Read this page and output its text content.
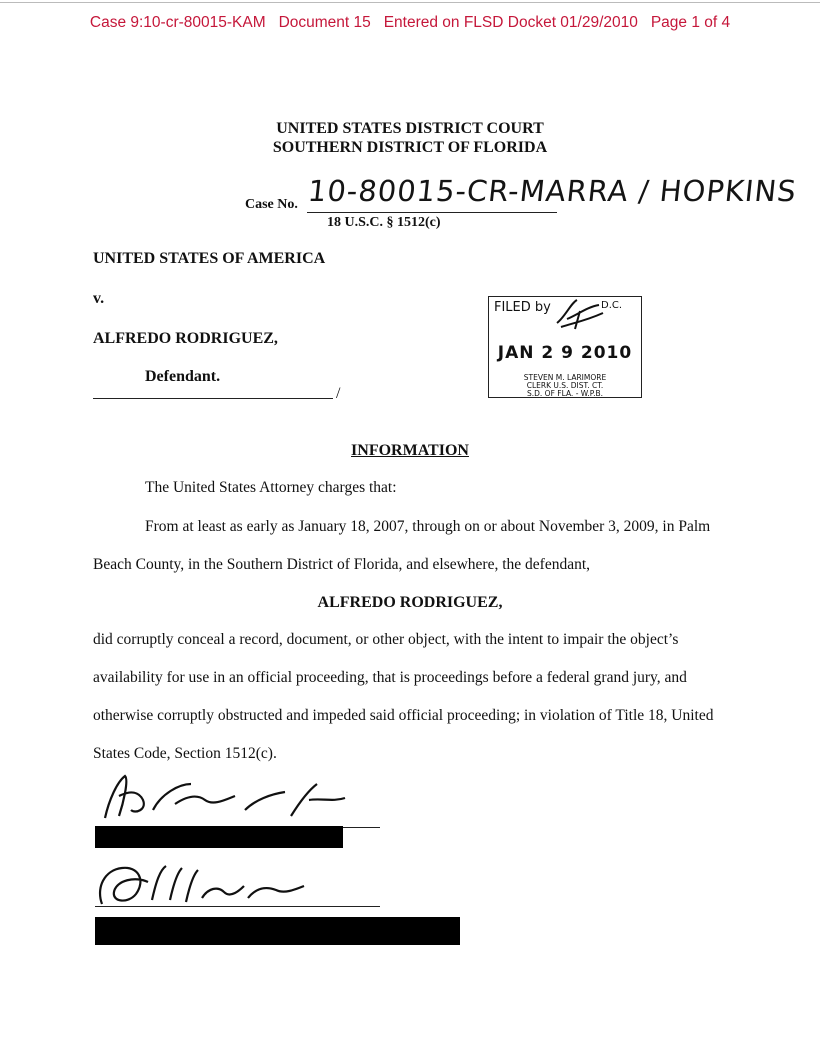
Case 9:10-cr-80015-KAM Document 15 Entered on FLSD Docket 01/29/2010 Page 1 of 4
UNITED STATES DISTRICT COURT
SOUTHERN DISTRICT OF FLORIDA
Case No. 10-80015-CR-MARRA / HOPKINS
18 U.S.C. § 1512(c)
UNITED STATES OF AMERICA
v.
ALFREDO RODRIGUEZ,
Defendant.
/
FILED by	D.C.
JAN 2 9 2010
STEVEN M. LARIMORE
CLERK U.S. DIST. CT.
S.D. OF FLA. - W.P.B.
INFORMATION
The United States Attorney charges that:
From at least as early as January 18, 2007, through on or about November 3, 2009, in Palm
Beach County, in the Southern District of Florida, and elsewhere, the defendant,
ALFREDO RODRIGUEZ,
did corruptly conceal a record, document, or other object, with the intent to impair the object’s
availability for use in an official proceeding, that is proceedings before a federal grand jury, and
otherwise corruptly obstructed and impeded said official proceeding; in violation of Title 18, United
States Code, Section 1512(c).
